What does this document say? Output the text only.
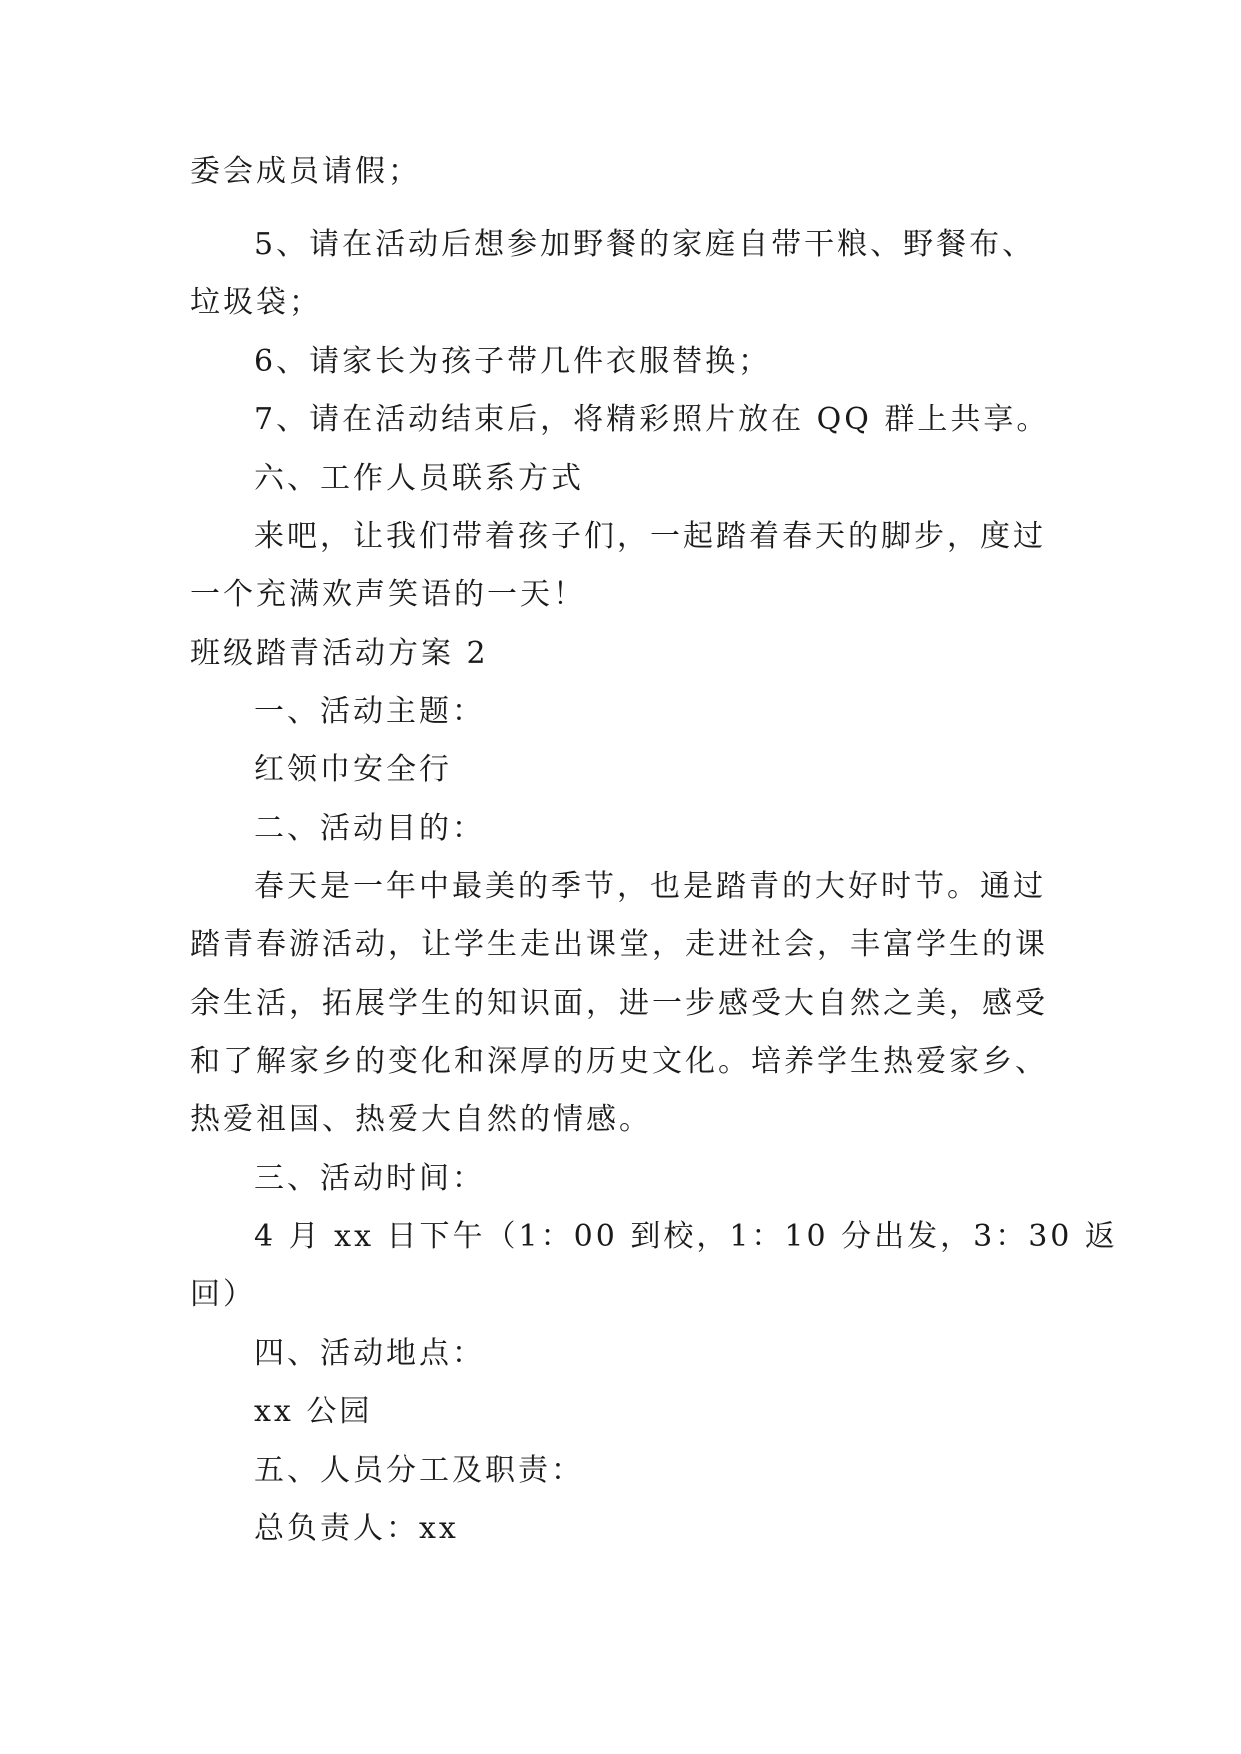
委会成员请假；
5、请在活动后想参加野餐的家庭自带干粮、野餐布、
垃圾袋；
6、请家长为孩子带几件衣服替换；
7、请在活动结束后，将精彩照片放在 QQ 群上共享。
六、工作人员联系方式
来吧，让我们带着孩子们，一起踏着春天的脚步，度过
一个充满欢声笑语的一天！
班级踏青活动方案 2
一、活动主题：
红领巾安全行
二、活动目的：
春天是一年中最美的季节，也是踏青的大好时节。通过
踏青春游活动，让学生走出课堂，走进社会，丰富学生的课
余生活，拓展学生的知识面，进一步感受大自然之美，感受
和了解家乡的变化和深厚的历史文化。培养学生热爱家乡、
热爱祖国、热爱大自然的情感。
三、活动时间：
4 月 xx 日下午（1：00 到校，1：10 分出发，3：30 返
回）
四、活动地点：
xx 公园
五、人员分工及职责：
总负责人：xx
